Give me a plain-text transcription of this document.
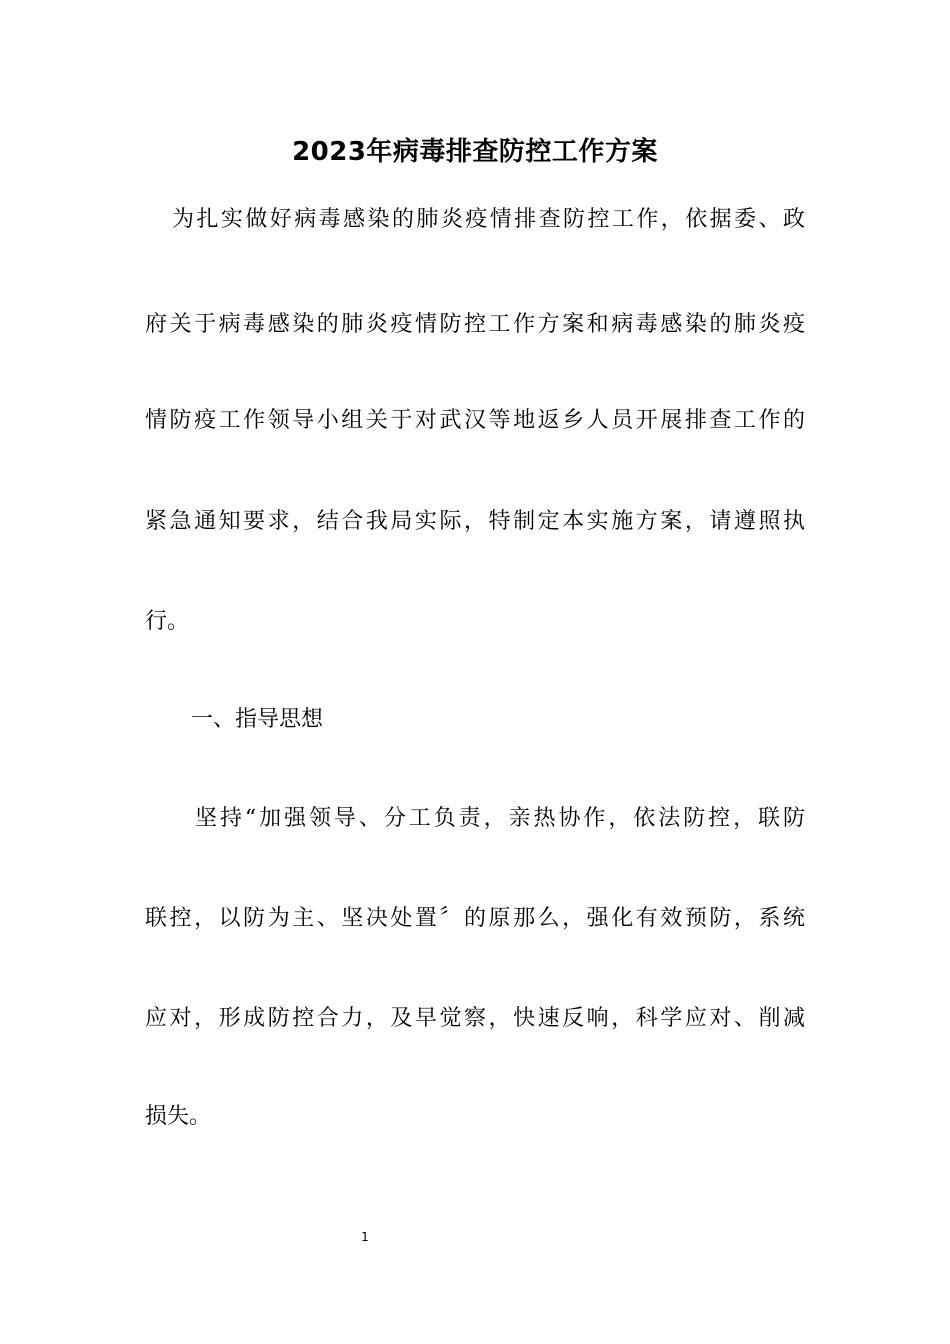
2023年病毒排查防控工作方案
为扎实做好病毒感染的肺炎疫情排查防控工作，依据委、政
府关于病毒感染的肺炎疫情防控工作方案和病毒感染的肺炎疫
情防疫工作领导小组关于对武汉等地返乡人员开展排查工作的
紧急通知要求，结合我局实际，特制定本实施方案，请遵照执
行。
一、指导思想
坚持“加强领导、分工负责，亲热协作，依法防控，联防
联控，以防为主、坚决处置〞的原那么，强化有效预防，系统
应对，形成防控合力，及早觉察，快速反响，科学应对、削减
损失。
1
